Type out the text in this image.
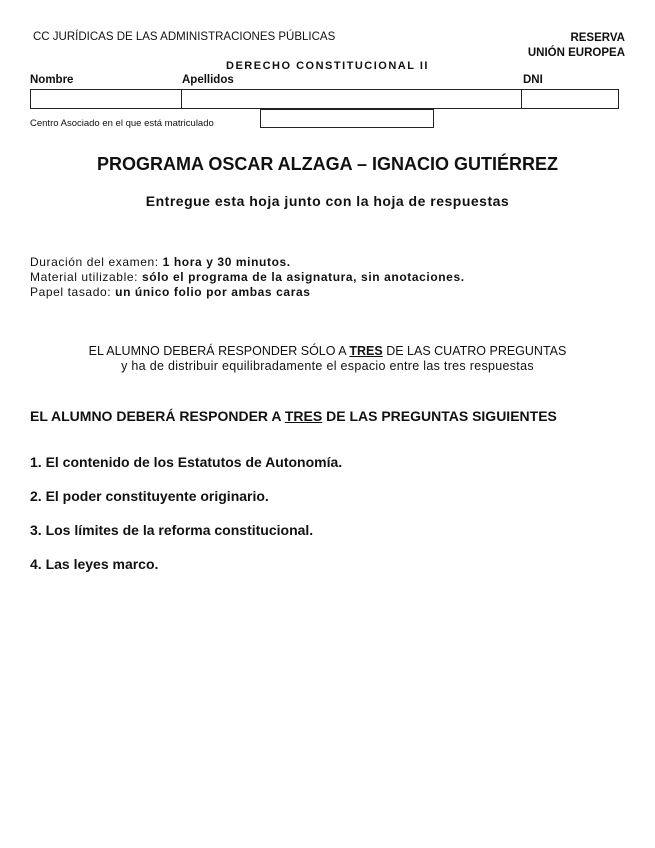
CC JURÍDICAS DE LAS ADMINISTRACIONES PÚBLICAS	RESERVA
UNIÓN EUROPEA
DERECHO CONSTITUCIONAL II
Nombre	Apellidos	DNI
Centro Asociado en el que está matriculado
PROGRAMA OSCAR ALZAGA – IGNACIO GUTIÉRREZ
Entregue esta hoja junto con la hoja de respuestas
Duración del examen: 1 hora y 30 minutos.
Material utilizable: sólo el programa de la asignatura, sin anotaciones.
Papel tasado: un único folio por ambas caras
EL ALUMNO DEBERÁ RESPONDER SÓLO A TRES DE LAS CUATRO PREGUNTAS
y ha de distribuir equilibradamente el espacio entre las tres respuestas
EL ALUMNO DEBERÁ RESPONDER A TRES DE LAS PREGUNTAS SIGUIENTES
1. El contenido de los Estatutos de Autonomía.
2. El poder constituyente originario.
3. Los límites de la reforma constitucional.
4. Las leyes marco.
